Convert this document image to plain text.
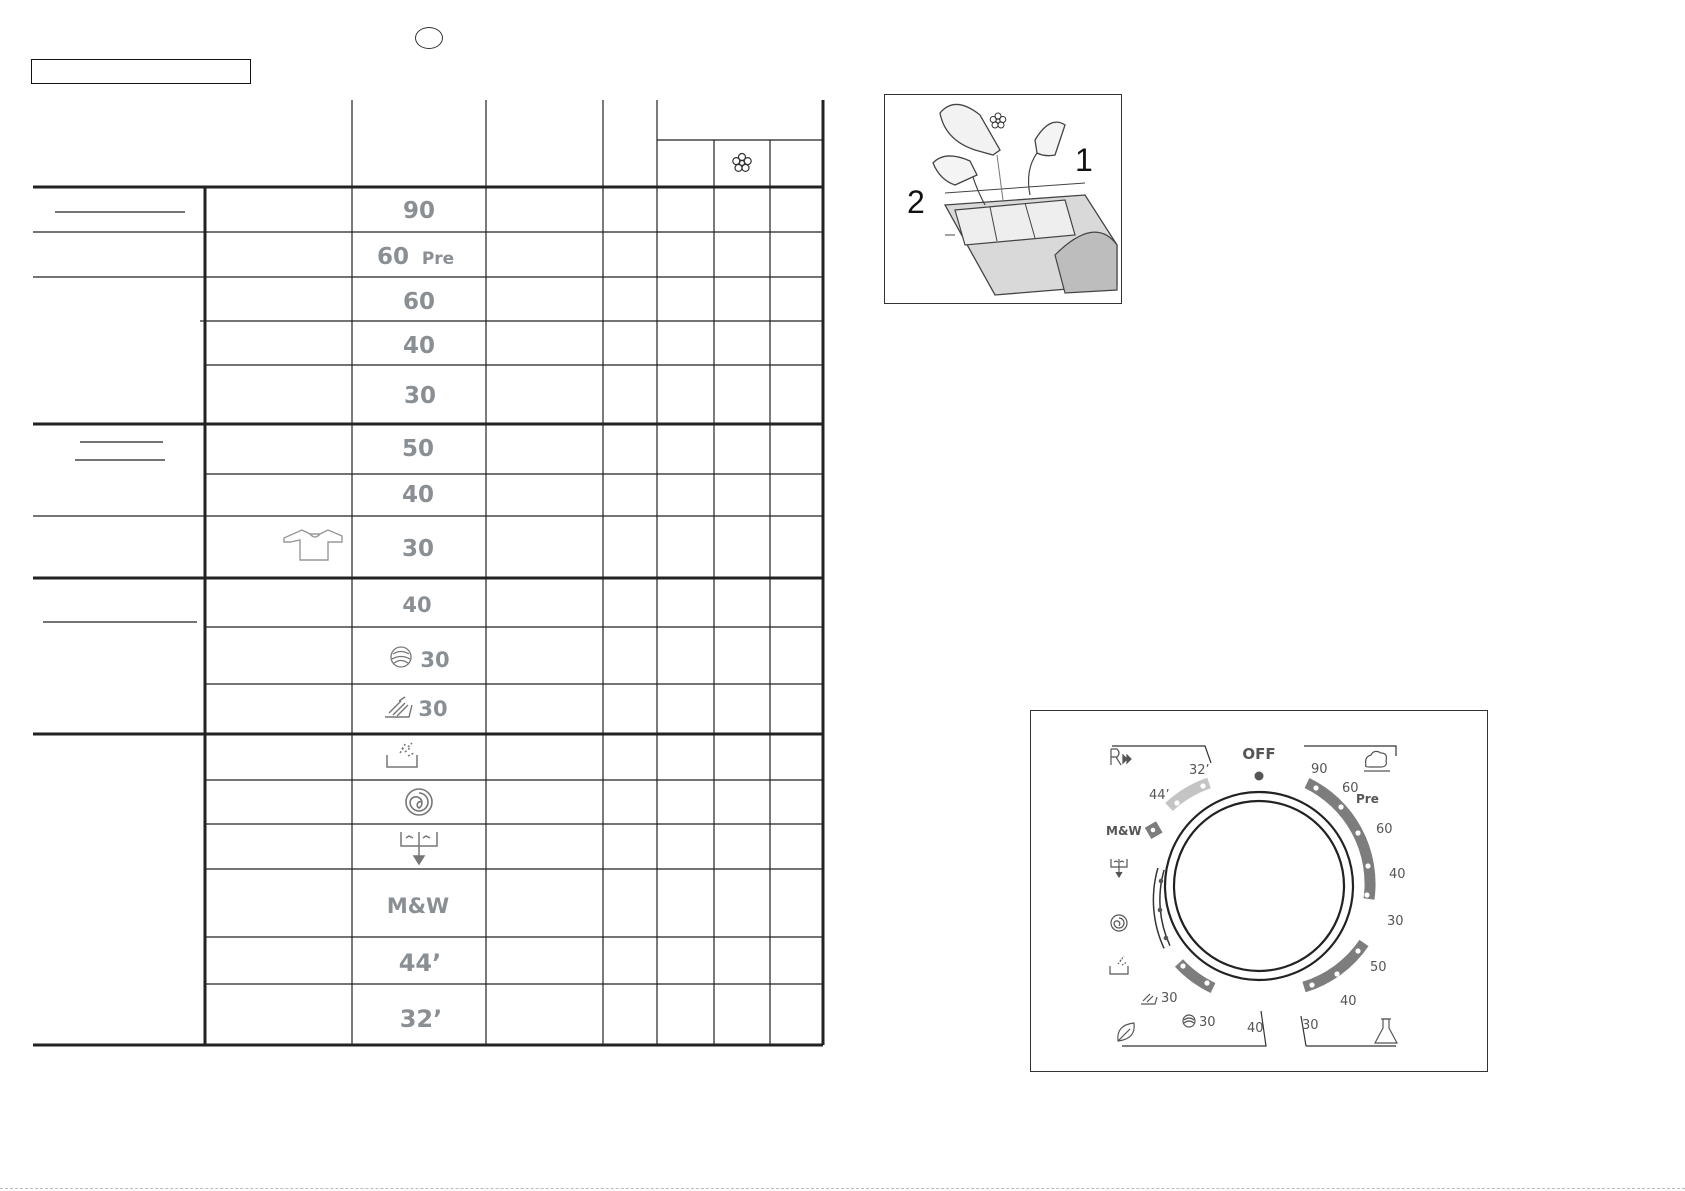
90
60 Pre
60
40
30
50
40
30
40
30
30
M&W
44’
32’
1
2
OFF
90
60
Pre
60
40
30
50
40
30
32’
44’
M&W
30
30 40
